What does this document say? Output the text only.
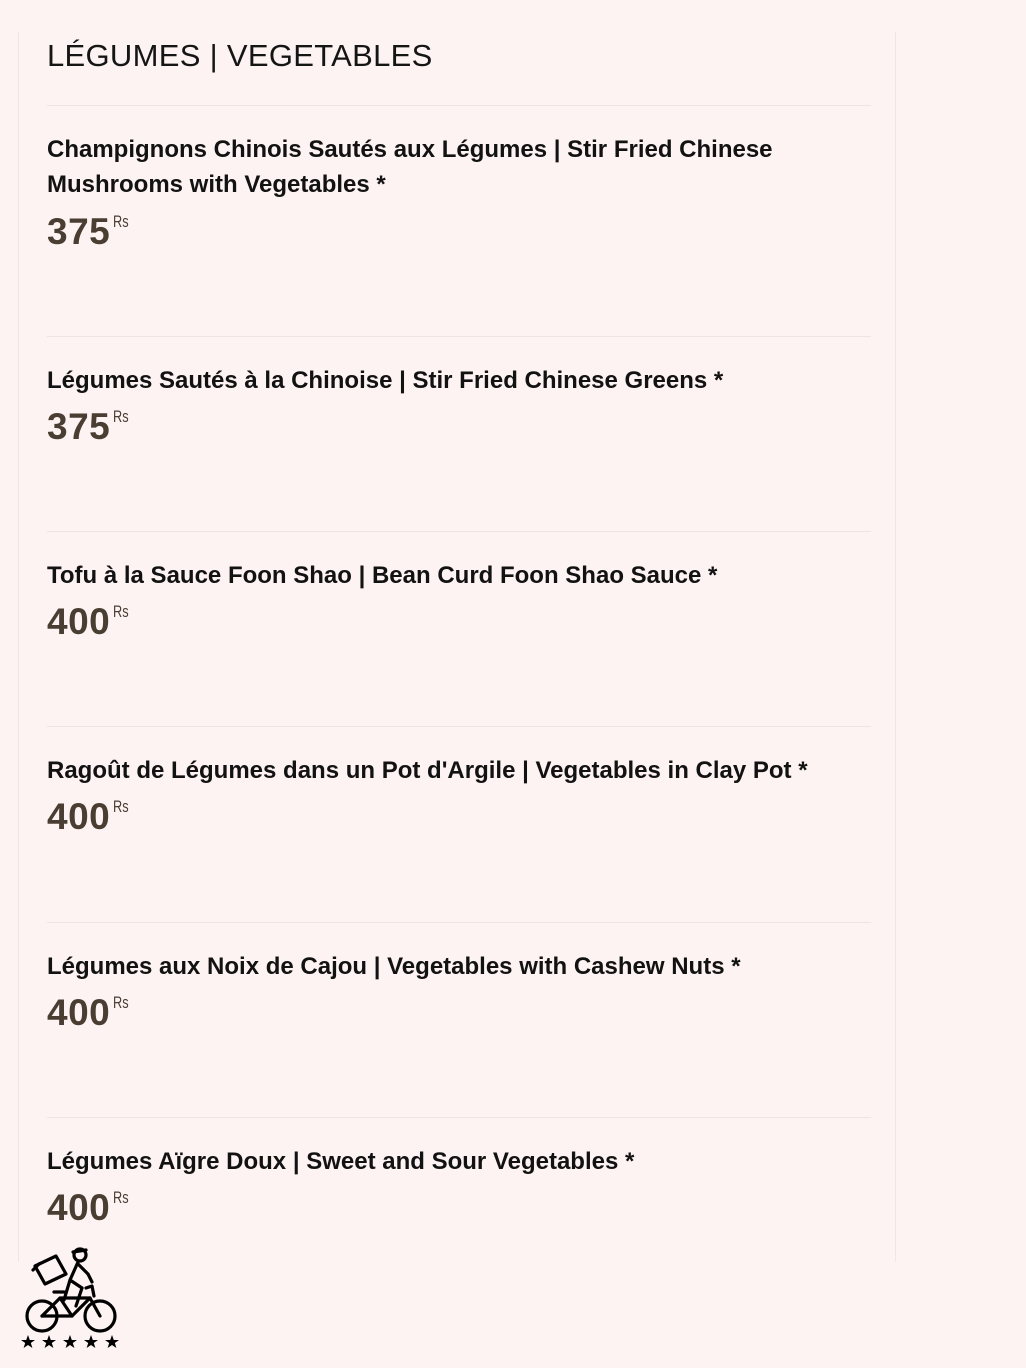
LÉGUMES | VEGETABLES

Champignons Chinois Sautés aux Légumes | Stir Fried Chinese Mushrooms with Vegetables *

375 Rs

Légumes Sautés à la Chinoise | Stir Fried Chinese Greens *

375 Rs

Tofu à la Sauce Foon Shao | Bean Curd Foon Shao Sauce *

400 Rs

Ragoût de Légumes dans un Pot d'Argile | Vegetables in Clay Pot *

400 Rs

Légumes aux Noix de Cajou | Vegetables with Cashew Nuts *

400 Rs

Légumes Aïgre Doux | Sweet and Sour Vegetables *

400 Rs
